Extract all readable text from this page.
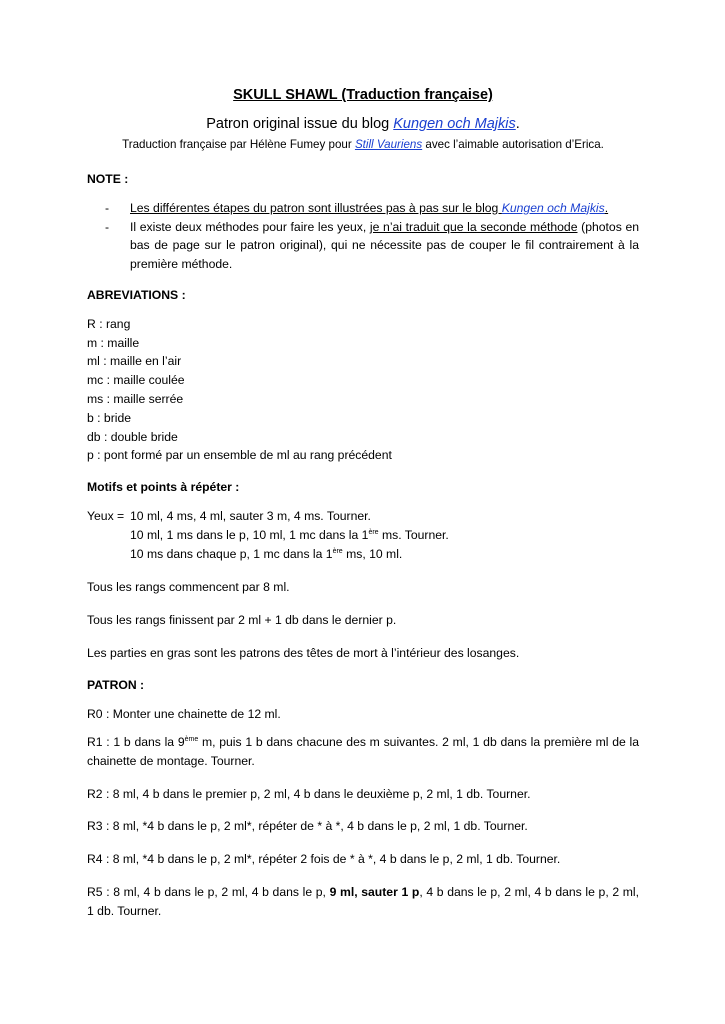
SKULL SHAWL (Traduction française)
Patron original issue du blog Kungen och Majkis.
Traduction française par Hélène Fumey pour Still Vauriens avec l’aimable autorisation d’Erica.
NOTE :
- Les différentes étapes du patron sont illustrées pas à pas sur le blog Kungen och Majkis.
- Il existe deux méthodes pour faire les yeux, je n’ai traduit que la seconde méthode (photos en bas de page sur le patron original), qui ne nécessite pas de couper le fil contrairement à la première méthode.
ABREVIATIONS :

R : rang

m : maille

ml : maille en l’air

mc : maille coulée

ms : maille serrée

b : bride

db : double bride

p : pont formé par un ensemble de ml au rang précédent

Motifs et points à répéter :
Yeux = 10 ml, 4 ms, 4 ml, sauter 3 m, 4 ms. Tourner.
10 ml, 1 ms dans le p, 10 ml, 1 mc dans la 1ère ms. Tourner.
10 ms dans chaque p, 1 mc dans la 1ère ms, 10 ml.

Tous les rangs commencent par 8 ml.

Tous les rangs finissent par 2 ml + 1 db dans le dernier p.

Les parties en gras sont les patrons des têtes de mort à l’intérieur des losanges.

PATRON :

R0 : Monter une chainette de 12 ml.

R1 : 1 b dans la 9ème m, puis 1 b dans chacune des m suivantes. 2 ml, 1 db dans la première ml de la chainette de montage. Tourner.

R2 : 8 ml, 4 b dans le premier p, 2 ml, 4 b dans le deuxième p, 2 ml, 1 db. Tourner.

R3 : 8 ml, *4 b dans le p, 2 ml*, répéter de * à *, 4 b dans le p, 2 ml, 1 db. Tourner.

R4 : 8 ml, *4 b dans le p, 2 ml*, répéter 2 fois de * à *, 4 b dans le p, 2 ml, 1 db. Tourner.

R5 : 8 ml, 4 b dans le p, 2 ml, 4 b dans le p, 9 ml, sauter 1 p, 4 b dans le p, 2 ml, 4 b dans le p, 2 ml, 1 db. Tourner.
